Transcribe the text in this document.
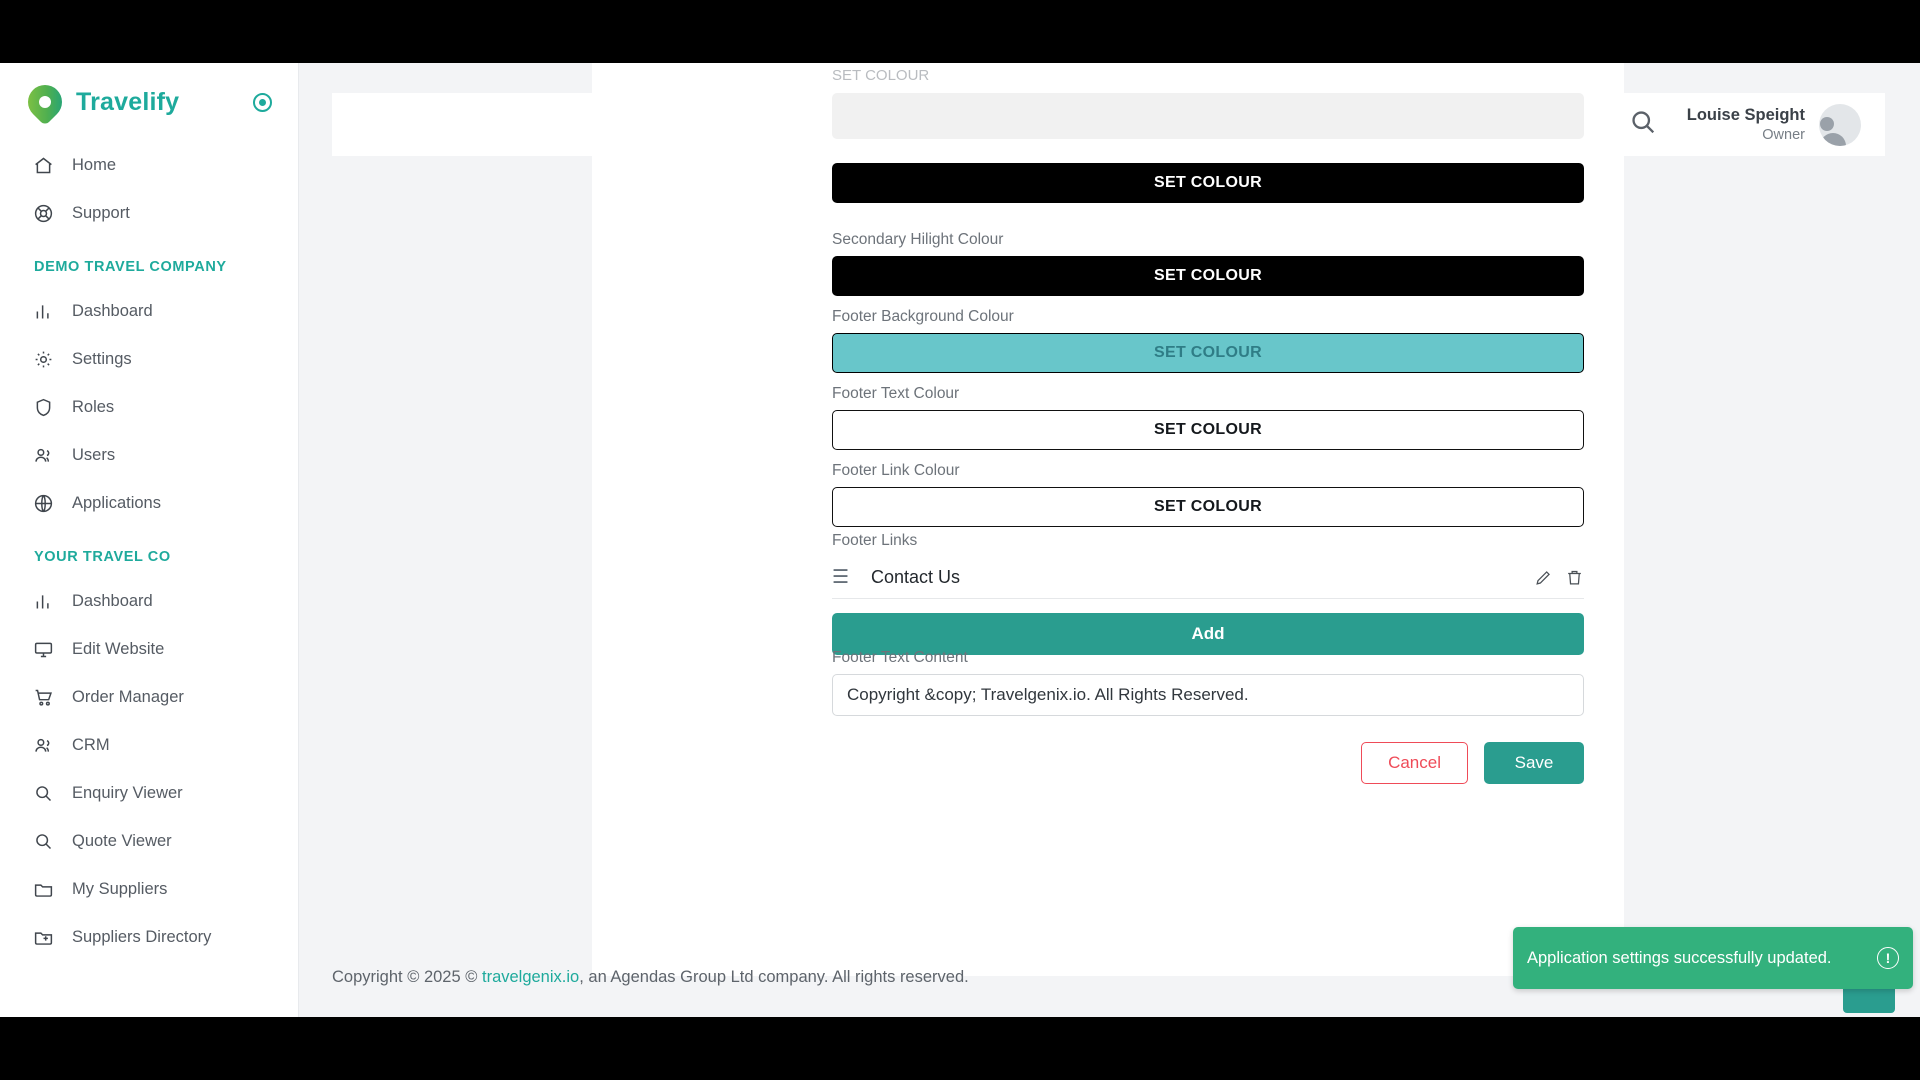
Travelify
Home
Support
DEMO TRAVEL COMPANY
Dashboard
Settings
Roles
Users
Applications
YOUR TRAVEL CO
Dashboard
Edit Website
Order Manager
CRM
Enquiry Viewer
Quote Viewer
My Suppliers
Suppliers Directory
Louise Speight
Owner
SET COLOUR
SET COLOUR
Secondary Hilight Colour
SET COLOUR
Footer Background Colour
SET COLOUR
Footer Text Colour
SET COLOUR
Footer Link Colour
SET COLOUR
Footer Links
☰	Contact Us
Add
Footer Text Content
Copyright &copy; Travelgenix.io. All Rights Reserved.
Cancel	Save
Copyright © 2025 © travelgenix.io, an Agendas Group Ltd company. All rights reserved.
Application settings successfully updated.	!
